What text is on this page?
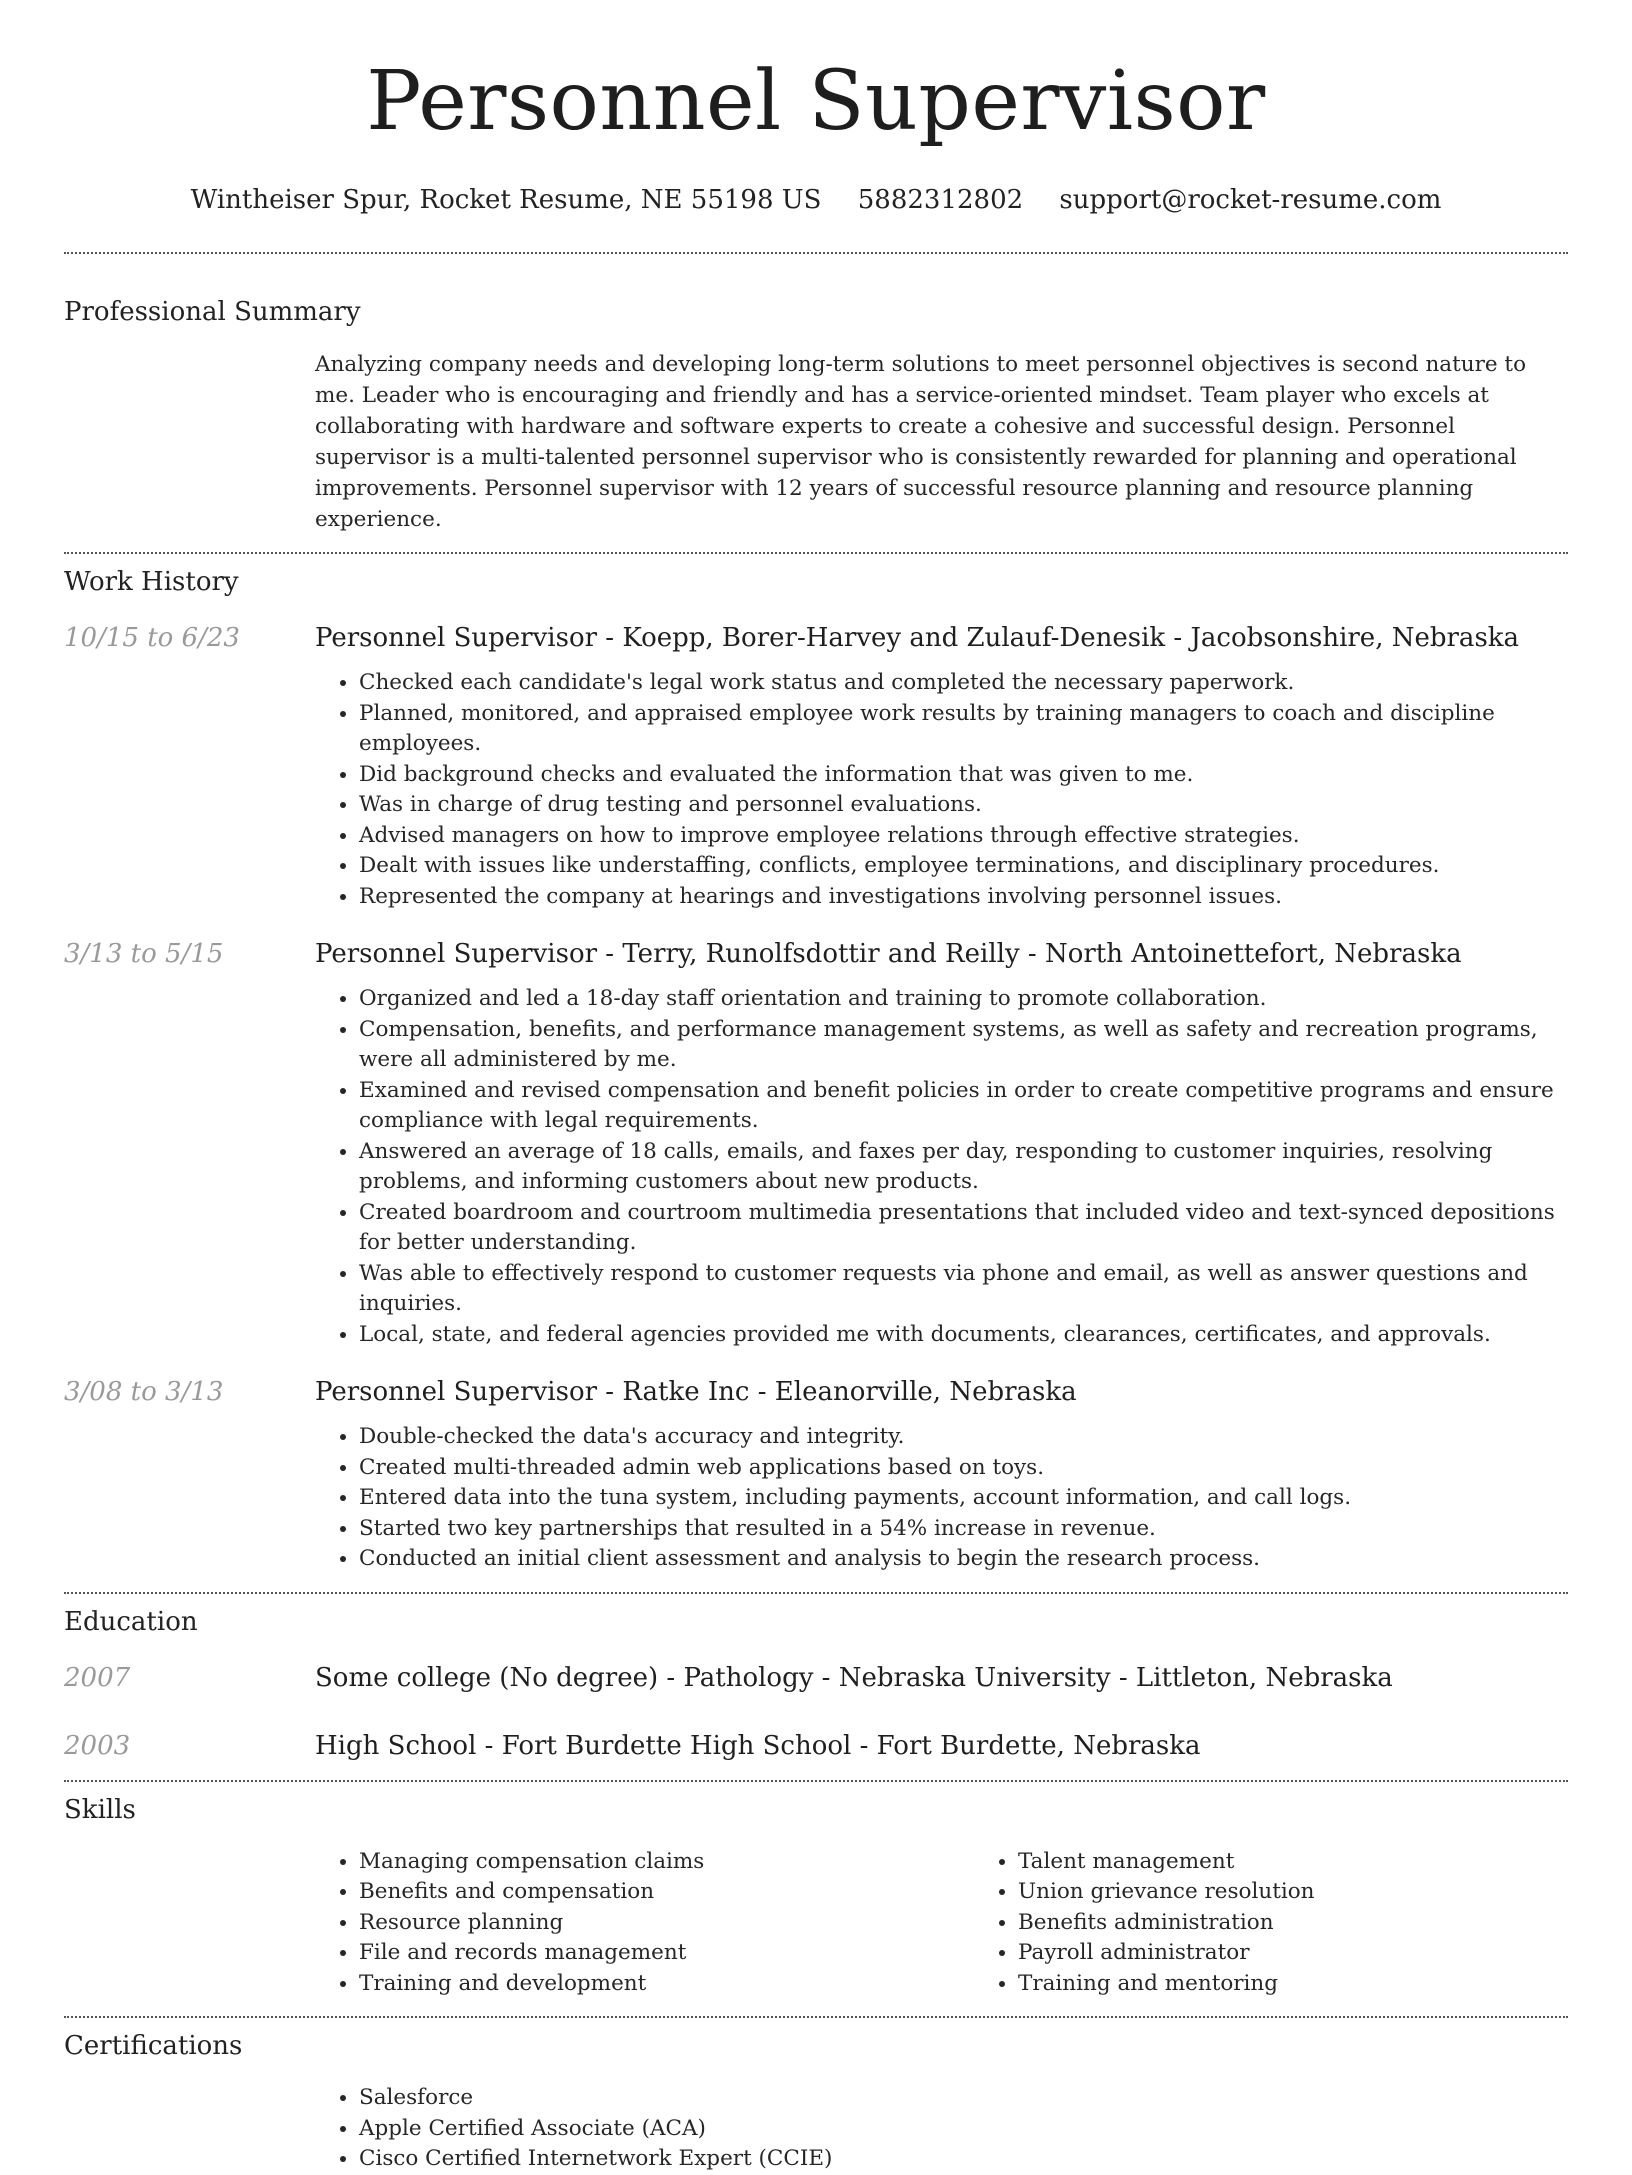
Personnel Supervisor
Wintheiser Spur, Rocket Resume, NE 55198 US 5882312802 support@rocket-resume.com
Professional Summary
Analyzing company needs and developing long-term solutions to meet personnel objectives is second nature to me. Leader who is encouraging and friendly and has a service-oriented mindset. Team player who excels at collaborating with hardware and software experts to create a cohesive and successful design. Personnel supervisor is a multi-talented personnel supervisor who is consistently rewarded for planning and operational improvements. Personnel supervisor with 12 years of successful resource planning and resource planning experience.
Work History
10/15 to 6/23	Personnel Supervisor - Koepp, Borer-Harvey and Zulauf-Denesik - Jacobsonshire, Nebraska
• Checked each candidate's legal work status and completed the necessary paperwork.
• Planned, monitored, and appraised employee work results by training managers to coach and discipline employees.
• Did background checks and evaluated the information that was given to me.
• Was in charge of drug testing and personnel evaluations.
• Advised managers on how to improve employee relations through effective strategies.
• Dealt with issues like understaffing, conflicts, employee terminations, and disciplinary procedures.
• Represented the company at hearings and investigations involving personnel issues.
3/13 to 5/15	Personnel Supervisor - Terry, Runolfsdottir and Reilly - North Antoinettefort, Nebraska
• Organized and led a 18-day staff orientation and training to promote collaboration.
• Compensation, benefits, and performance management systems, as well as safety and recreation programs, were all administered by me.
• Examined and revised compensation and benefit policies in order to create competitive programs and ensure compliance with legal requirements.
• Answered an average of 18 calls, emails, and faxes per day, responding to customer inquiries, resolving problems, and informing customers about new products.
• Created boardroom and courtroom multimedia presentations that included video and text-synced depositions for better understanding.
• Was able to effectively respond to customer requests via phone and email, as well as answer questions and inquiries.
• Local, state, and federal agencies provided me with documents, clearances, certificates, and approvals.
3/08 to 3/13	Personnel Supervisor - Ratke Inc - Eleanorville, Nebraska
• Double-checked the data's accuracy and integrity.
• Created multi-threaded admin web applications based on toys.
• Entered data into the tuna system, including payments, account information, and call logs.
• Started two key partnerships that resulted in a 54% increase in revenue.
• Conducted an initial client assessment and analysis to begin the research process.
Education
2007	Some college (No degree) - Pathology - Nebraska University - Littleton, Nebraska
2003	High School - Fort Burdette High School - Fort Burdette, Nebraska
Skills
• Managing compensation claims
• Benefits and compensation
• Resource planning
• File and records management
• Training and development
• Talent management
• Union grievance resolution
• Benefits administration
• Payroll administrator
• Training and mentoring
Certifications
• Salesforce
• Apple Certified Associate (ACA)
• Cisco Certified Internetwork Expert (CCIE)
